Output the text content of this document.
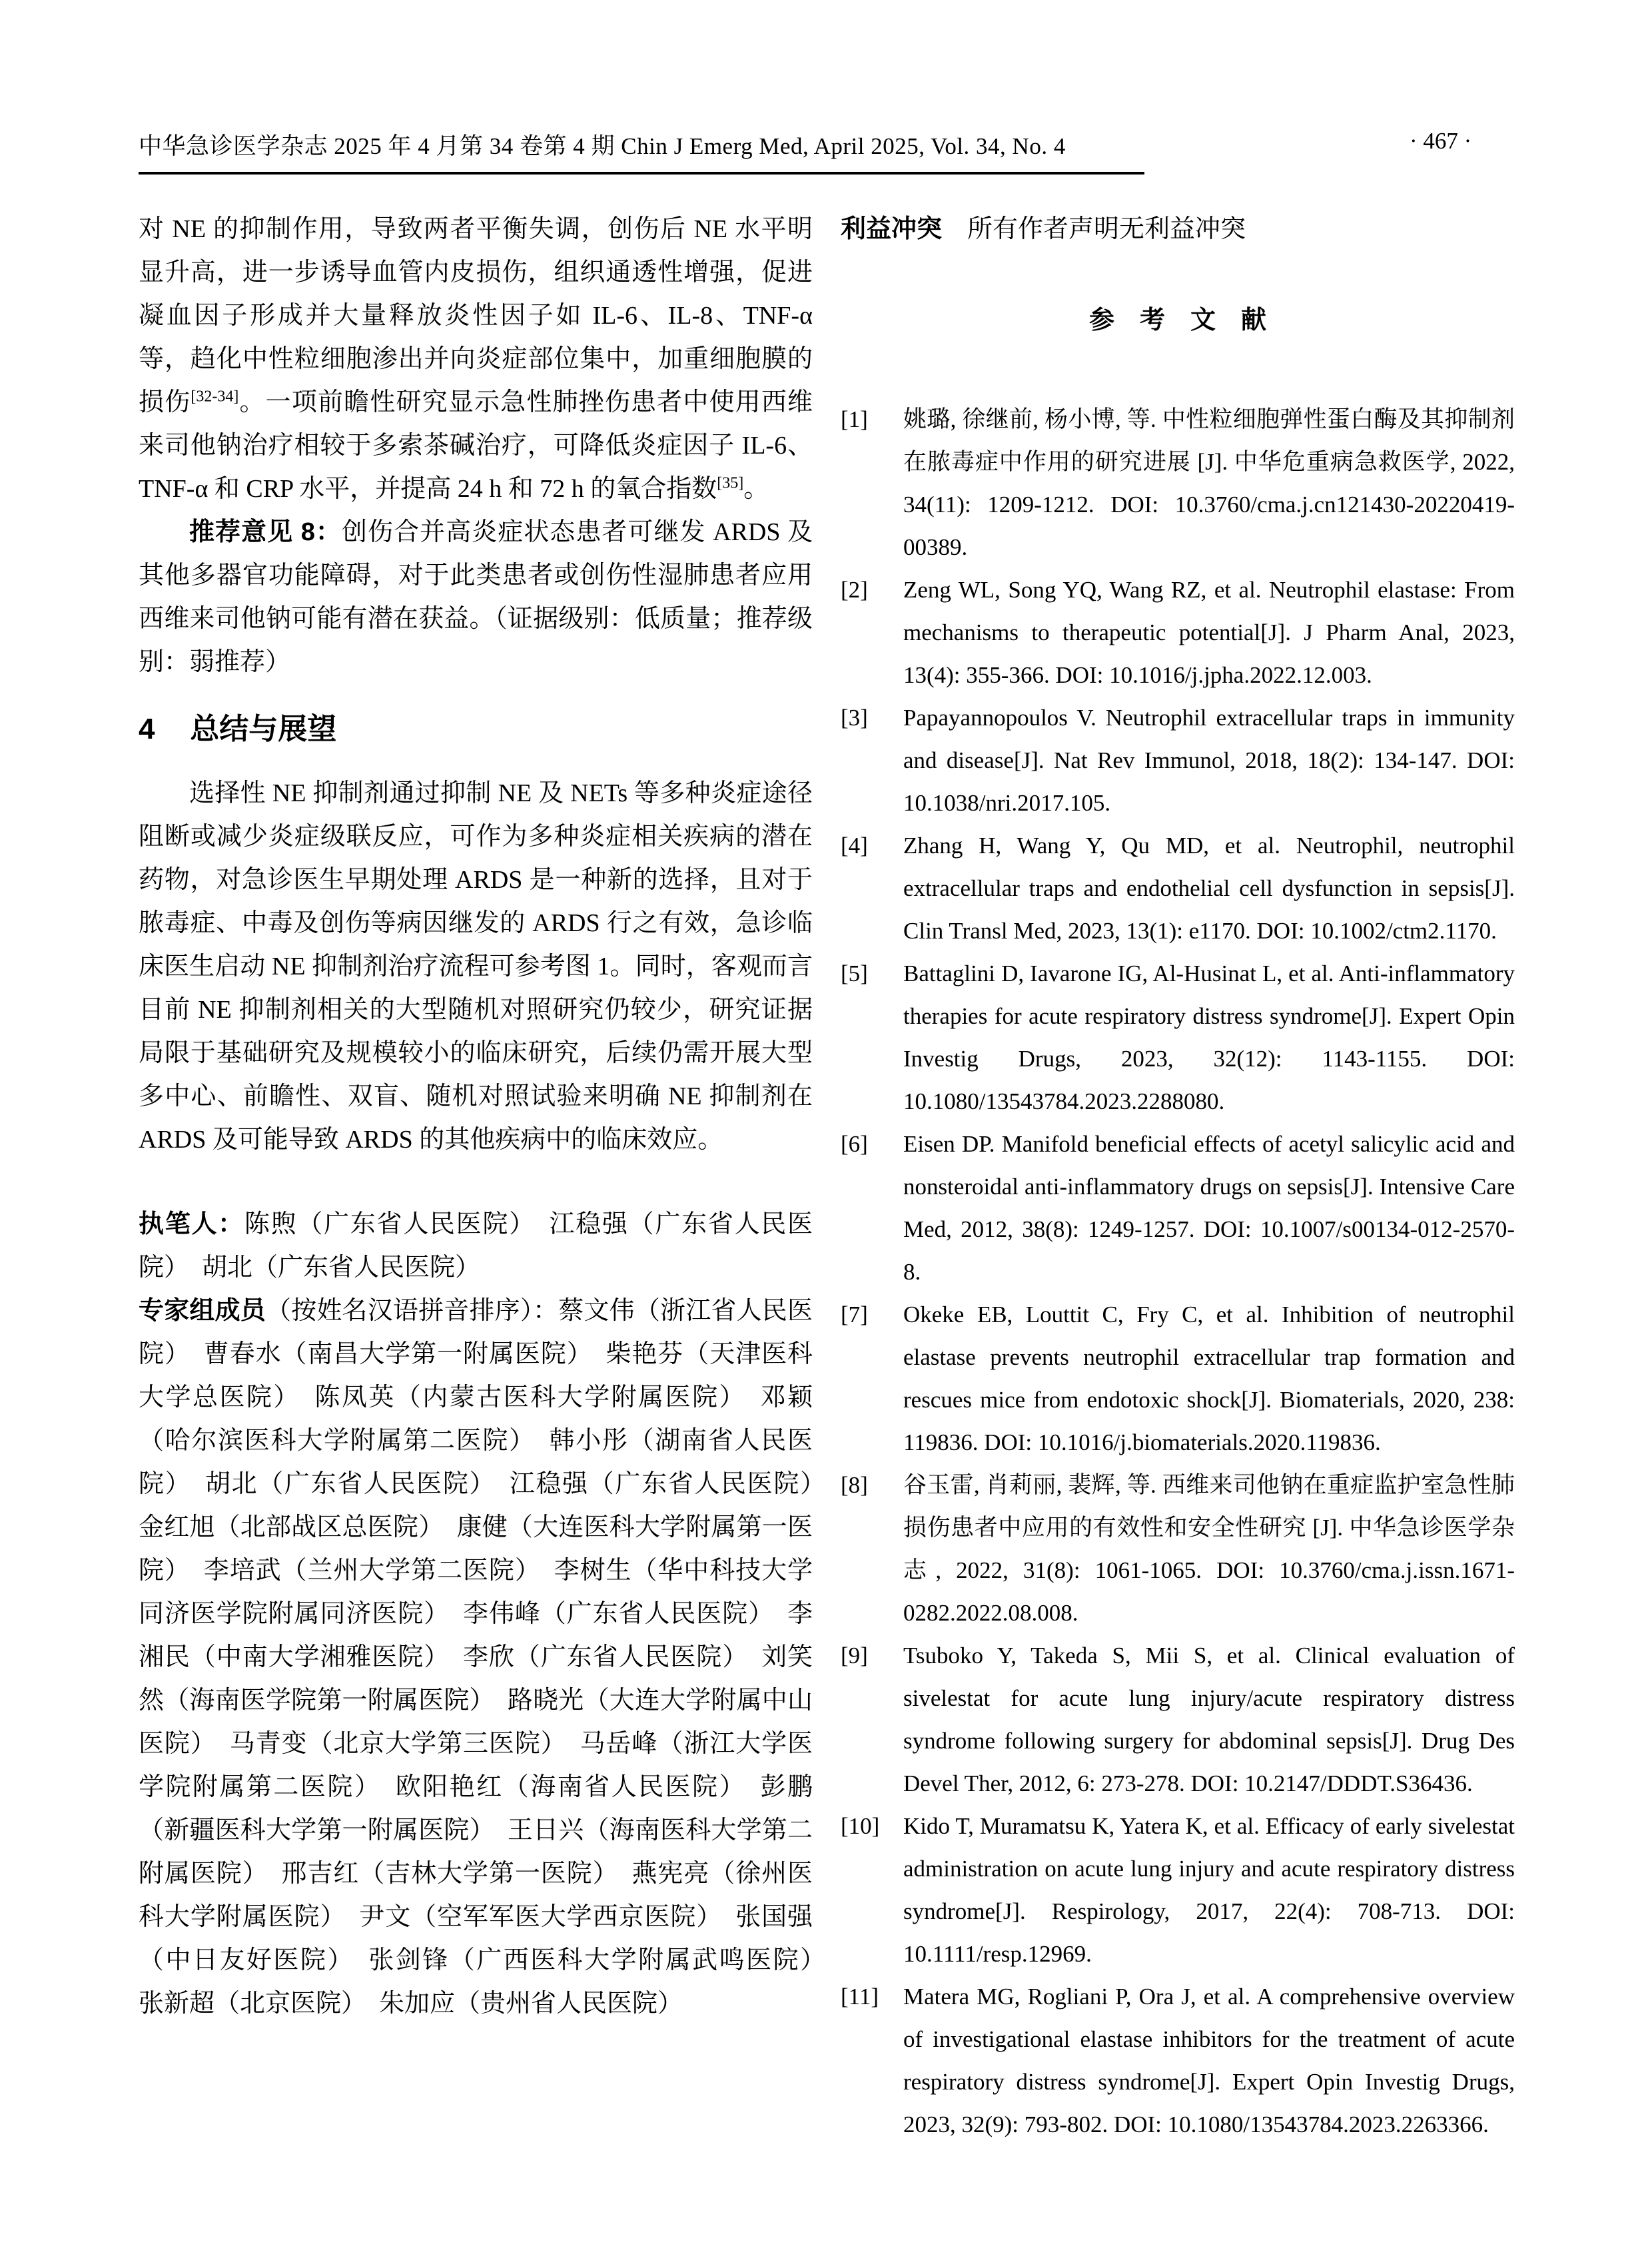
中华急诊医学杂志 2025 年 4 月第 34 卷第 4 期 Chin J Emerg Med, April 2025, Vol. 34, No. 4	· 467 ·

对 NE 的抑制作用，导致两者平衡失调，创伤后 NE 水平明显升高，进一步诱导血管内皮损伤，组织通透性增强，促进凝血因子形成并大量释放炎性因子如 IL-6、IL-8、TNF-α 等，趋化中性粒细胞渗出并向炎症部位集中，加重细胞膜的损伤[32-34]。一项前瞻性研究显示急性肺挫伤患者中使用西维来司他钠治疗相较于多索茶碱治疗，可降低炎症因子 IL-6、TNF-α 和 CRP 水平，并提高 24 h 和 72 h 的氧合指数[35]。

推荐意见 8：创伤合并高炎症状态患者可继发 ARDS 及其他多器官功能障碍，对于此类患者或创伤性湿肺患者应用西维来司他钠可能有潜在获益。（证据级别：低质量；推荐级别：弱推荐）

4 总结与展望

选择性 NE 抑制剂通过抑制 NE 及 NETs 等多种炎症途径阻断或减少炎症级联反应，可作为多种炎症相关疾病的潜在药物，对急诊医生早期处理 ARDS 是一种新的选择，且对于脓毒症、中毒及创伤等病因继发的 ARDS 行之有效，急诊临床医生启动 NE 抑制剂治疗流程可参考图 1。同时，客观而言目前 NE 抑制剂相关的大型随机对照研究仍较少，研究证据局限于基础研究及规模较小的临床研究，后续仍需开展大型多中心、前瞻性、双盲、随机对照试验来明确 NE 抑制剂在 ARDS 及可能导致 ARDS 的其他疾病中的临床效应。

执笔人：陈煦（广东省人民医院）　江稳强（广东省人民医院）　胡北（广东省人民医院）

专家组成员（按姓名汉语拼音排序）：蔡文伟（浙江省人民医院）　曹春水（南昌大学第一附属医院）　柴艳芬（天津医科大学总医院）　陈凤英（内蒙古医科大学附属医院）　邓颖（哈尔滨医科大学附属第二医院）　韩小彤（湖南省人民医院）　胡北（广东省人民医院）　江稳强（广东省人民医院）　金红旭（北部战区总医院）　康健（大连医科大学附属第一医院）　李培武（兰州大学第二医院）　李树生（华中科技大学同济医学院附属同济医院）　李伟峰（广东省人民医院）　李湘民（中南大学湘雅医院）　李欣（广东省人民医院）　刘笑然（海南医学院第一附属医院）　路晓光（大连大学附属中山医院）　马青变（北京大学第三医院）　马岳峰（浙江大学医学院附属第二医院）　欧阳艳红（海南省人民医院）　彭鹏（新疆医科大学第一附属医院）　王日兴（海南医科大学第二附属医院）　邢吉红（吉林大学第一医院）　燕宪亮（徐州医科大学附属医院）　尹文（空军军医大学西京医院）　张国强（中日友好医院）　张剑锋（广西医科大学附属武鸣医院）　张新超（北京医院）　朱加应（贵州省人民医院）

利益冲突 所有作者声明无利益冲突

参　考　文　献

[1] 姚璐, 徐继前, 杨小博, 等. 中性粒细胞弹性蛋白酶及其抑制剂在脓毒症中作用的研究进展 [J]. 中华危重病急救医学, 2022, 34(11): 1209-1212. DOI: 10.3760/cma.j.cn121430-20220419-00389.
[2] Zeng WL, Song YQ, Wang RZ, et al. Neutrophil elastase: From mechanisms to therapeutic potential[J]. J Pharm Anal, 2023, 13(4): 355-366. DOI: 10.1016/j.jpha.2022.12.003.
[3] Papayannopoulos V. Neutrophil extracellular traps in immunity and disease[J]. Nat Rev Immunol, 2018, 18(2): 134-147. DOI: 10.1038/nri.2017.105.
[4] Zhang H, Wang Y, Qu MD, et al. Neutrophil, neutrophil extracellular traps and endothelial cell dysfunction in sepsis[J]. Clin Transl Med, 2023, 13(1): e1170. DOI: 10.1002/ctm2.1170.
[5] Battaglini D, Iavarone IG, Al-Husinat L, et al. Anti-inflammatory therapies for acute respiratory distress syndrome[J]. Expert Opin Investig Drugs, 2023, 32(12): 1143-1155. DOI: 10.1080/13543784.2023.2288080.
[6] Eisen DP. Manifold beneficial effects of acetyl salicylic acid and nonsteroidal anti-inflammatory drugs on sepsis[J]. Intensive Care Med, 2012, 38(8): 1249-1257. DOI: 10.1007/s00134-012-2570-8.
[7] Okeke EB, Louttit C, Fry C, et al. Inhibition of neutrophil elastase prevents neutrophil extracellular trap formation and rescues mice from endotoxic shock[J]. Biomaterials, 2020, 238: 119836. DOI: 10.1016/j.biomaterials.2020.119836.
[8] 谷玉雷, 肖莉丽, 裴辉, 等. 西维来司他钠在重症监护室急性肺损伤患者中应用的有效性和安全性研究 [J]. 中华急诊医学杂志, 2022, 31(8): 1061-1065. DOI: 10.3760/cma.j.issn.1671-0282.2022.08.008.
[9] Tsuboko Y, Takeda S, Mii S, et al. Clinical evaluation of sivelestat for acute lung injury/acute respiratory distress syndrome following surgery for abdominal sepsis[J]. Drug Des Devel Ther, 2012, 6: 273-278. DOI: 10.2147/DDDT.S36436.
[10] Kido T, Muramatsu K, Yatera K, et al. Efficacy of early sivelestat administration on acute lung injury and acute respiratory distress syndrome[J]. Respirology, 2017, 22(4): 708-713. DOI: 10.1111/resp.12969.
[11] Matera MG, Rogliani P, Ora J, et al. A comprehensive overview of investigational elastase inhibitors for the treatment of acute respiratory distress syndrome[J]. Expert Opin Investig Drugs, 2023, 32(9): 793-802. DOI: 10.1080/13543784.2023.2263366.
